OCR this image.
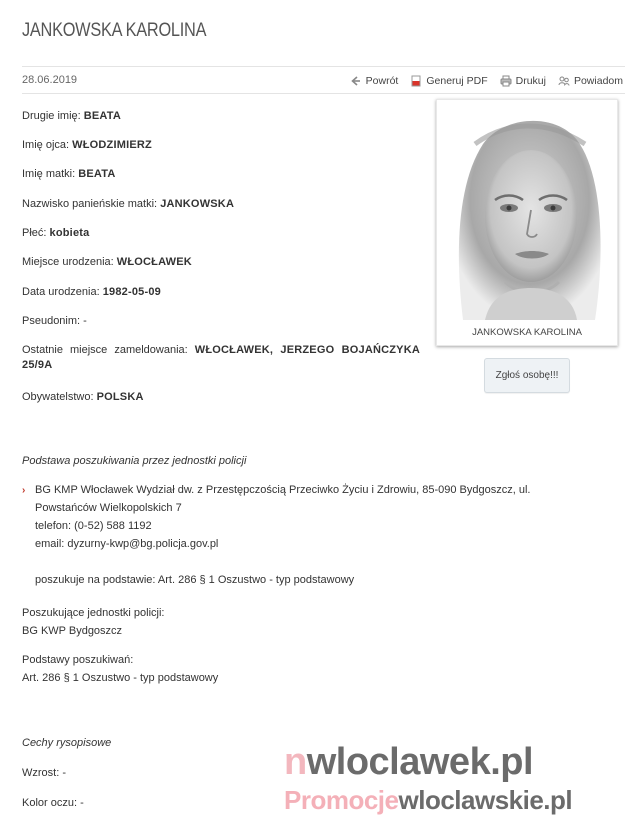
JANKOWSKA KAROLINA
28.06.2019	Powrót	Generuj PDF	Drukuj	Powiadom
Drugie imię: BEATA
Imię ojca: WŁODZIMIERZ
Imię matki: BEATA
Nazwisko panieńskie matki: JANKOWSKA
Płeć: kobieta
Miejsce urodzenia: WŁOCŁAWEK
Data urodzenia: 1982-05-09
Pseudonim: -
Ostatnie miejsce zameldowania: WŁOCŁAWEK, JERZEGO BOJAŃCZYKA 25/9A
Obywatelstwo: POLSKA
JANKOWSKA KAROLINA
Zgłoś osobę!!!
Podstawa poszukiwania przez jednostki policji
› BG KMP Włocławek Wydział dw. z Przestępczością Przeciwko Życiu i Zdrowiu, 85-090 Bydgoszcz, ul.
Powstańców Wielkopolskich 7
telefon: (0-52) 588 1192
email: dyzurny-kwp@bg.policja.gov.pl
poszukuje na podstawie: Art. 286 § 1 Oszustwo - typ podstawowy
Poszukujące jednostki policji:
BG KWP Bydgoszcz
Podstawy poszukiwań:
Art. 286 § 1 Oszustwo - typ podstawowy
Cechy rysopisowe
Wzrost: -
Kolor oczu: -
nwloclawek.pl
Promocjewloclawskie.pl
